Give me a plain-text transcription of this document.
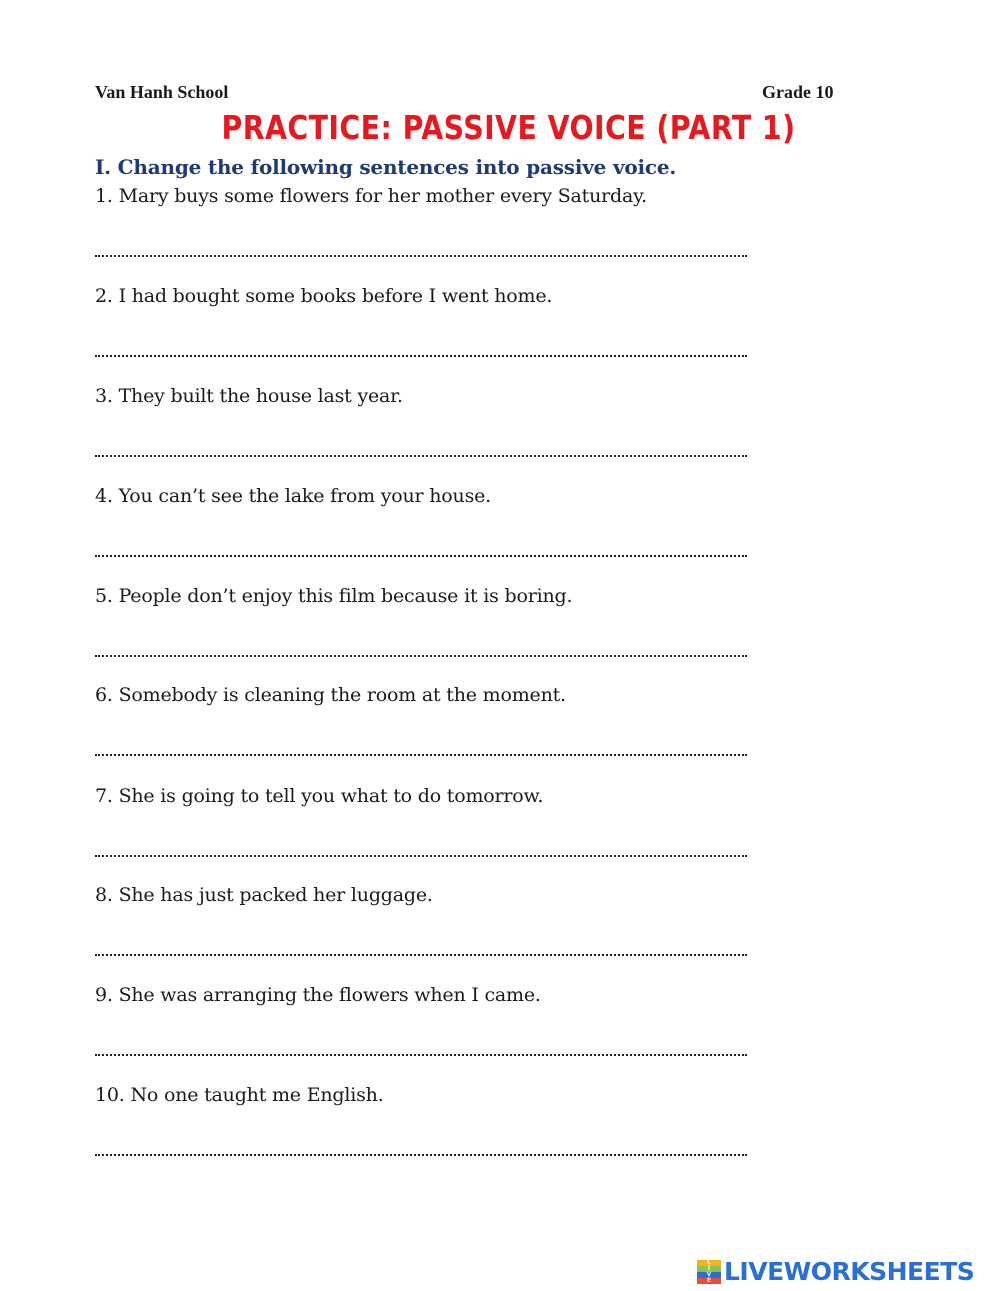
Van Hanh School	Grade 10
PRACTICE: PASSIVE VOICE (PART 1)
I. Change the following sentences into passive voice.
1. Mary buys some flowers for her mother every Saturday.
2. I had bought some books before I went home.
3. They built the house last year.
4. You can’t see the lake from your house.
5. People don’t enjoy this film because it is boring.
6. Somebody is cleaning the room at the moment.
7. She is going to tell you what to do tomorrow.
8. She has just packed her luggage.
9. She was arranging the flowers when I came.
10. No one taught me English.
L
I
V
E LIVEWORKSHEETS
